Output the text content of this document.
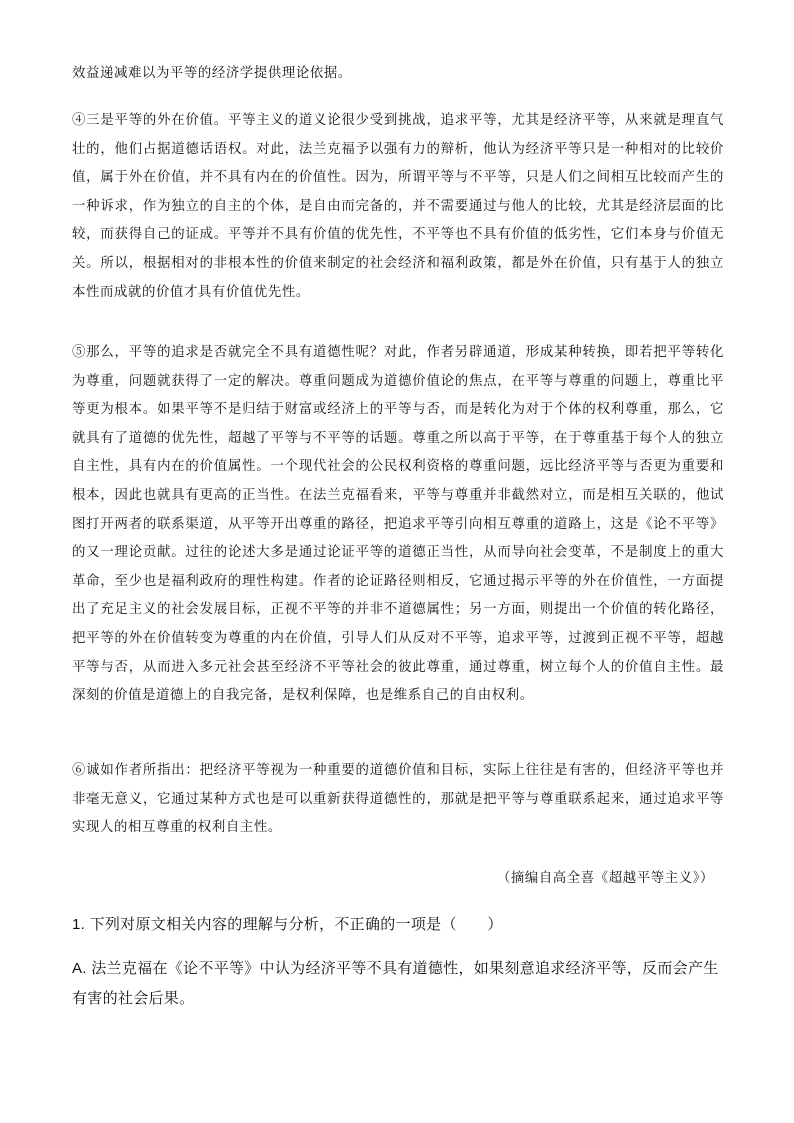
效益递减难以为平等的经济学提供理论依据。

④三是平等的外在价值。平等主义的道义论很少受到挑战，追求平等，尤其是经济平等，从来就是理直气壮的，他们占据道德话语权。对此，法兰克福予以强有力的辩析，他认为经济平等只是一种相对的比较价值，属于外在价值，并不具有内在的价值性。因为，所谓平等与不平等，只是人们之间相互比较而产生的一种诉求，作为独立的自主的个体，是自由而完备的，并不需要通过与他人的比较，尤其是经济层面的比较，而获得自己的证成。平等并不具有价值的优先性，不平等也不具有价值的低劣性，它们本身与价值无关。所以，根据相对的非根本性的价值来制定的社会经济和福利政策，都是外在价值，只有基于人的独立本性而成就的价值才具有价值优先性。

⑤那么，平等的追求是否就完全不具有道德性呢？对此，作者另辟通道，形成某种转换，即若把平等转化为尊重，问题就获得了一定的解决。尊重问题成为道德价值论的焦点，在平等与尊重的问题上，尊重比平等更为根本。如果平等不是归结于财富或经济上的平等与否，而是转化为对于个体的权利尊重，那么，它就具有了道德的优先性，超越了平等与不平等的话题。尊重之所以高于平等，在于尊重基于每个人的独立自主性，具有内在的价值属性。一个现代社会的公民权利资格的尊重问题，远比经济平等与否更为重要和根本，因此也就具有更高的正当性。在法兰克福看来，平等与尊重并非截然对立，而是相互关联的，他试图打开两者的联系渠道，从平等开出尊重的路径，把追求平等引向相互尊重的道路上，这是《论不平等》的又一理论贡献。过往的论述大多是通过论证平等的道德正当性，从而导向社会变革，不是制度上的重大革命，至少也是福利政府的理性构建。作者的论证路径则相反，它通过揭示平等的外在价值性，一方面提出了充足主义的社会发展目标，正视不平等的并非不道德属性；另一方面，则提出一个价值的转化路径，把平等的外在价值转变为尊重的内在价值，引导人们从反对不平等，追求平等，过渡到正视不平等，超越平等与否，从而进入多元社会甚至经济不平等社会的彼此尊重，通过尊重，树立每个人的价值自主性。最深刻的价值是道德上的自我完备，是权利保障，也是维系自己的自由权利。

⑥诚如作者所指出：把经济平等视为一种重要的道德价值和目标，实际上往往是有害的，但经济平等也并非毫无意义，它通过某种方式也是可以重新获得道德性的，那就是把平等与尊重联系起来，通过追求平等实现人的相互尊重的权利自主性。

（摘编自高全喜《超越平等主义》）

1. 下列对原文相关内容的理解与分析，不正确的一项是（　　）

A. 法兰克福在《论不平等》中认为经济平等不具有道德性，如果刻意追求经济平等，反而会产生有害的社会后果。
